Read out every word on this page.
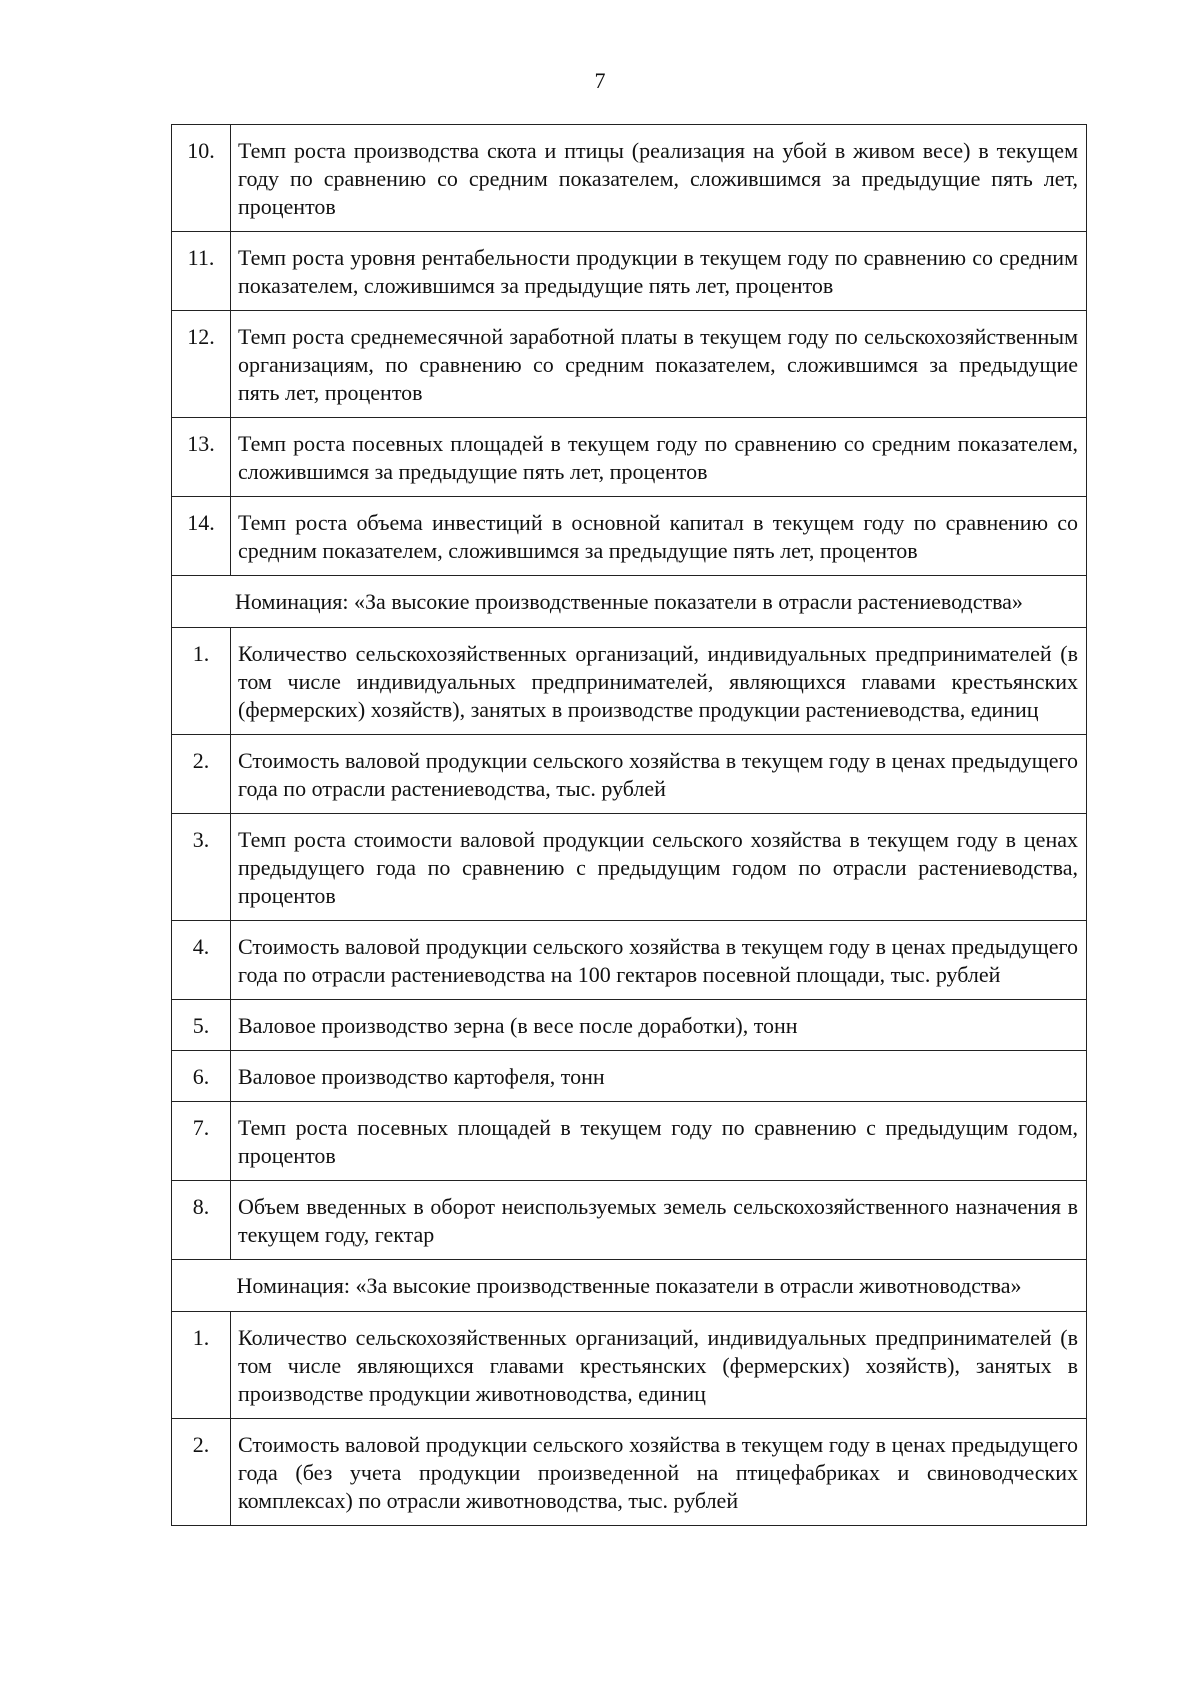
7
10.	Темп роста производства скота и птицы (реализация на убой в живом весе) в текущем году по сравнению со средним показателем, сложившимся за предыдущие пять лет, процентов
11.	Темп роста уровня рентабельности продукции в текущем году по сравнению со средним показателем, сложившимся за предыдущие пять лет, процентов
12.	Темп роста среднемесячной заработной платы в текущем году по сельскохозяйственным организациям, по сравнению со средним показателем, сложившимся за предыдущие пять лет, процентов
13.	Темп роста посевных площадей в текущем году по сравнению со средним показателем, сложившимся за предыдущие пять лет, процентов
14.	Темп роста объема инвестиций в основной капитал в текущем году по сравнению со средним показателем, сложившимся за предыдущие пять лет, процентов
Номинация: «За высокие производственные показатели в отрасли растениеводства»	
1.	Количество сельскохозяйственных организаций, индивидуальных предпринимателей (в том числе индивидуальных предпринимателей, являющихся главами крестьянских (фермерских) хозяйств), занятых в производстве продукции растениеводства, единиц
2.	Стоимость валовой продукции сельского хозяйства в текущем году в ценах предыдущего года по отрасли растениеводства, тыс. рублей
3.	Темп роста стоимости валовой продукции сельского хозяйства в текущем году в ценах предыдущего года по сравнению с предыдущим годом по отрасли растениеводства, процентов
4.	Стоимость валовой продукции сельского хозяйства в текущем году в ценах предыдущего года по отрасли растениеводства на 100 гектаров посевной площади, тыс. рублей
5.	Валовое производство зерна (в весе после доработки), тонн
6.	Валовое производство картофеля, тонн
7.	Темп роста посевных площадей в текущем году по сравнению с предыдущим годом, процентов
8.	Объем введенных в оборот неиспользуемых земель сельскохозяйственного назначения в текущем году, гектар
Номинация: «За высокие производственные показатели в отрасли животноводства»	
1.	Количество сельскохозяйственных организаций, индивидуальных предпринимателей (в том числе являющихся главами крестьянских (фермерских) хозяйств), занятых в производстве продукции животноводства, единиц
2.	Стоимость валовой продукции сельского хозяйства в текущем году в ценах предыдущего года (без учета продукции произведенной на птицефабриках и свиноводческих комплексах) по отрасли животноводства, тыс. рублей
